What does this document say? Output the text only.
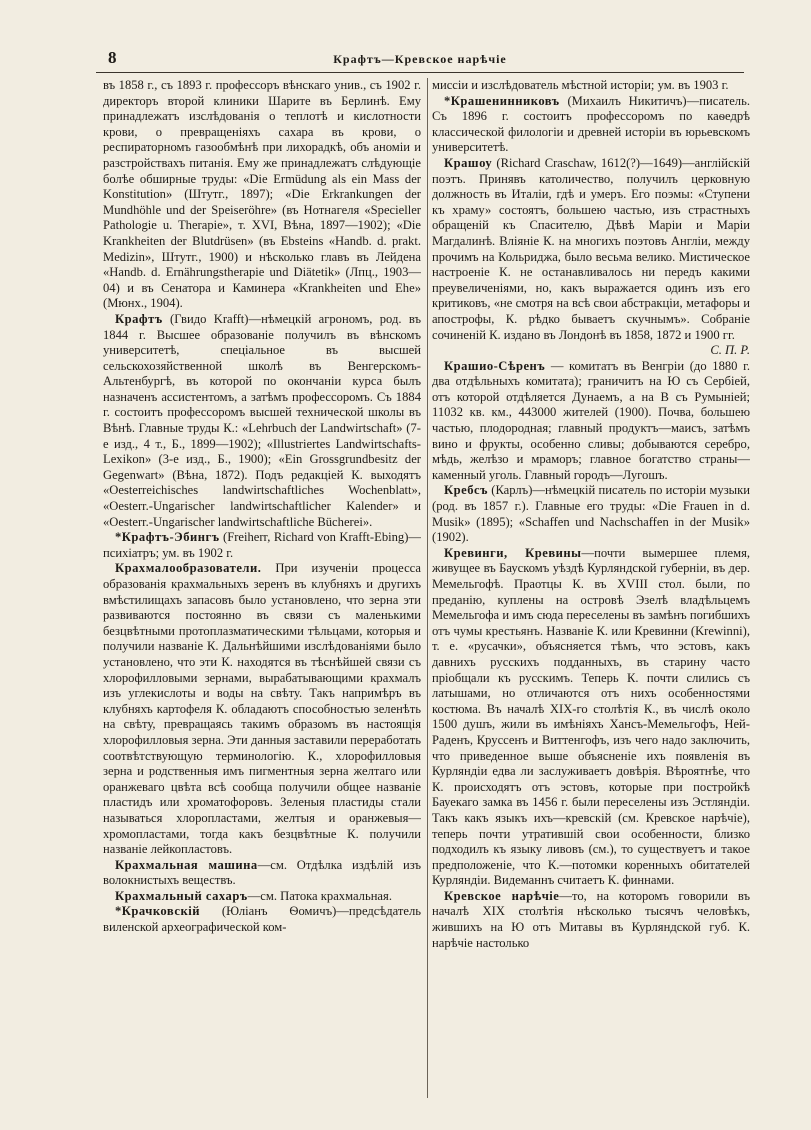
8	Крафтъ—Кревское нарѣчіе

въ 1858 г., съ 1893 г. профессоръ вѣнскаго унив., съ 1902 г. директоръ второй клиники Шарите въ Берлинѣ. Ему принадлежатъ изслѣдованія о теплотѣ и кислотности крови, о превращеніяхъ сахара въ крови, о респираторномъ газообмѣнѣ при лихорадкѣ, объ аноміи и разстройствахъ питанія. Ему же принадлежатъ слѣдующіе болѣе обширные труды: «Die Ermüdung als ein Mass der Konstitution» (Штутг., 1897); «Die Erkrankungen der Mundhöhle und der Speiseröhre» (въ Нотнагеля «Specieller Pathologie u. Therapie», т. XVI, Вѣна, 1897—1902); «Die Krankheiten der Blutdrüsen» (въ Ebsteins «Handb. d. prakt. Medizin», Штутг., 1900) и нѣсколько главъ въ Лейдена «Handb. d. Ernährungstherapie und Diätetik» (Лпц., 1903—04) и въ Сенатора и Каминера «Krankheiten und Ehe» (Мюнх., 1904).

Крафтъ (Гвидо Krafft)—нѣмецкій агрономъ, род. въ 1844 г. Высшее образованіе получилъ въ вѣнскомъ университетѣ, спеціальное въ высшей сельскохозяйственной школѣ въ Венгерскомъ-Альтенбургѣ, въ которой по окончаніи курса былъ назначенъ ассистентомъ, а затѣмъ профессоромъ. Съ 1884 г. состоитъ профессоромъ высшей технической школы въ Вѣнѣ. Главные труды К.: «Lehrbuch der Landwirtschaft» (7-е изд., 4 т., Б., 1899—1902); «Illustriertes Landwirtschafts-Lexikon» (3-е изд., Б., 1900); «Ein Grossgrundbesitz der Gegenwart» (Вѣна, 1872). Подъ редакціей К. выходятъ «Oesterreichisches landwirtschaftliches Wochenblatt», «Oesterr.-Ungarischer landwirtschaftlicher Kalender» и «Oesterr.-Ungarischer landwirtschaftliche Bücherei».

*Крафтъ-Эбингъ (Freiherr, Richard von Krafft-Ebing)—психіатръ; ум. въ 1902 г.

Крахмалообразователи. При изученіи процесса образованія крахмальныхъ зеренъ въ клубняхъ и другихъ вмѣстилищахъ запасовъ было установлено, что зерна эти развиваются постоянно въ связи съ маленькими безцвѣтными протоплазматическими тѣльцами, которыя и получили названіе К. Дальнѣйшими изслѣдованіями было установлено, что эти К. находятся въ тѣснѣйшей связи съ хлорофилловыми зернами, вырабатывающими крахмалъ изъ углекислоты и воды на свѣту. Такъ напримѣръ въ клубняхъ картофеля К. обладаютъ способностью зеленѣть на свѣту, превращаясь такимъ образомъ въ настоящія хлорофилловыя зерна. Эти данныя заставили переработать соотвѣтствующую терминологію. К., хлорофилловыя зерна и родственныя имъ пигментныя зерна желтаго или оранжеваго цвѣта всѣ сообща получили общее названіе пластидъ или хроматофоровъ. Зеленыя пластиды стали называться хлоропластами, желтыя и оранжевыя—хромопластами, тогда какъ безцвѣтные К. получили названіе лейкопластовъ.

Крахмальная машина—см. Отдѣлка издѣлій изъ волокнистыхъ веществъ.

Крахмальный сахаръ—см. Патока крахмальная.

*Крачковскій (Юліанъ Ѳомичъ)—предсѣдатель виленской археографической ком-

миссіи и изслѣдователь мѣстной исторіи; ум. въ 1903 г.

*Крашенинниковъ (Михаилъ Никитичъ)—писатель. Съ 1896 г. состоитъ профессоромъ по каѳедрѣ классической филологіи и древней исторіи въ юрьевскомъ университетѣ.

Крашоу (Richard Craschaw, 1612(?)—1649)—англійскій поэтъ. Принявъ католичество, получилъ церковную должность въ Италіи, гдѣ и умеръ. Его поэмы: «Ступени къ храму» состоятъ, большею частью, изъ страстныхъ обращеній къ Спасителю, Дѣвѣ Маріи и Маріи Магдалинѣ. Вліяніе К. на многихъ поэтовъ Англіи, между прочимъ на Кольриджа, было весьма велико. Мистическое настроеніе К. не останавливалось ни передъ какими преувеличеніями, но, какъ выражается одинъ изъ его критиковъ, «не смотря на всѣ свои абстракціи, метафоры и апострофы, К. рѣдко бываетъ скучнымъ». Собраніе сочиненій К. издано въ Лондонѣ въ 1858, 1872 и 1900 гг.
С. П. Р.

Крашио-Сѣренъ — комитатъ въ Венгріи (до 1880 г. два отдѣльныхъ комитата); граничитъ на Ю съ Сербіей, отъ которой отдѣляется Дунаемъ, а на В съ Румыніей; 11032 кв. км., 443000 жителей (1900). Почва, большею частью, плодородная; главный продуктъ—маисъ, затѣмъ вино и фрукты, особенно сливы; добываются серебро, мѣдь, желѣзо и мраморъ; главное богатство страны—каменный уголь. Главный городъ—Лугошъ.

Кребсъ (Карлъ)—нѣмецкій писатель по исторіи музыки (род. въ 1857 г.). Главные его труды: «Die Frauen in d. Musik» (1895); «Schaffen und Nachschaffen in der Musik» (1902).

Кревинги, Кревины—почти вымершее племя, живущее въ Баускомъ уѣздѣ Курляндской губерніи, въ дер. Мемельгофѣ. Праотцы К. въ XVIII стол. были, по преданію, куплены на островѣ Эзелѣ владѣльцемъ Мемельгофа и имъ сюда переселены въ замѣнъ погибшихъ отъ чумы крестьянъ. Названіе К. или Кревинни (Krewinni), т. е. «русачки», объясняется тѣмъ, что эстовъ, какъ давнихъ русскихъ подданныхъ, въ старину часто пріобщали къ русскимъ. Теперь К. почти слились съ латышами, но отличаются отъ нихъ особенностями костюма. Въ началѣ XIX-го столѣтія К., въ числѣ около 1500 душъ, жили въ имѣніяхъ Хансъ-Мемельгофъ, Ней-Раденъ, Круссенъ и Виттенгофъ, изъ чего надо заключить, что приведенное выше объясненіе ихъ появленія въ Курляндіи едва ли заслуживаетъ довѣрія. Вѣроятнѣе, что К. происходятъ отъ эстовъ, которые при постройкѣ Бауекаго замка въ 1456 г. были переселены изъ Эстляндіи. Такъ какъ языкъ ихъ—кревскій (см. Кревское нарѣчіе), теперь почти утратившій свои особенности, близко подходилъ къ языку ливовъ (см.), то существуетъ и такое предположеніе, что К.—потомки коренныхъ обитателей Курляндіи. Видеманнъ считаетъ К. финнами.

Кревское нарѣчіе—то, на которомъ говорили въ началѣ XIX столѣтія нѣсколько тысячъ человѣкъ, жившихъ на Ю отъ Митавы въ Курляндской губ. К. нарѣчіе настолько
